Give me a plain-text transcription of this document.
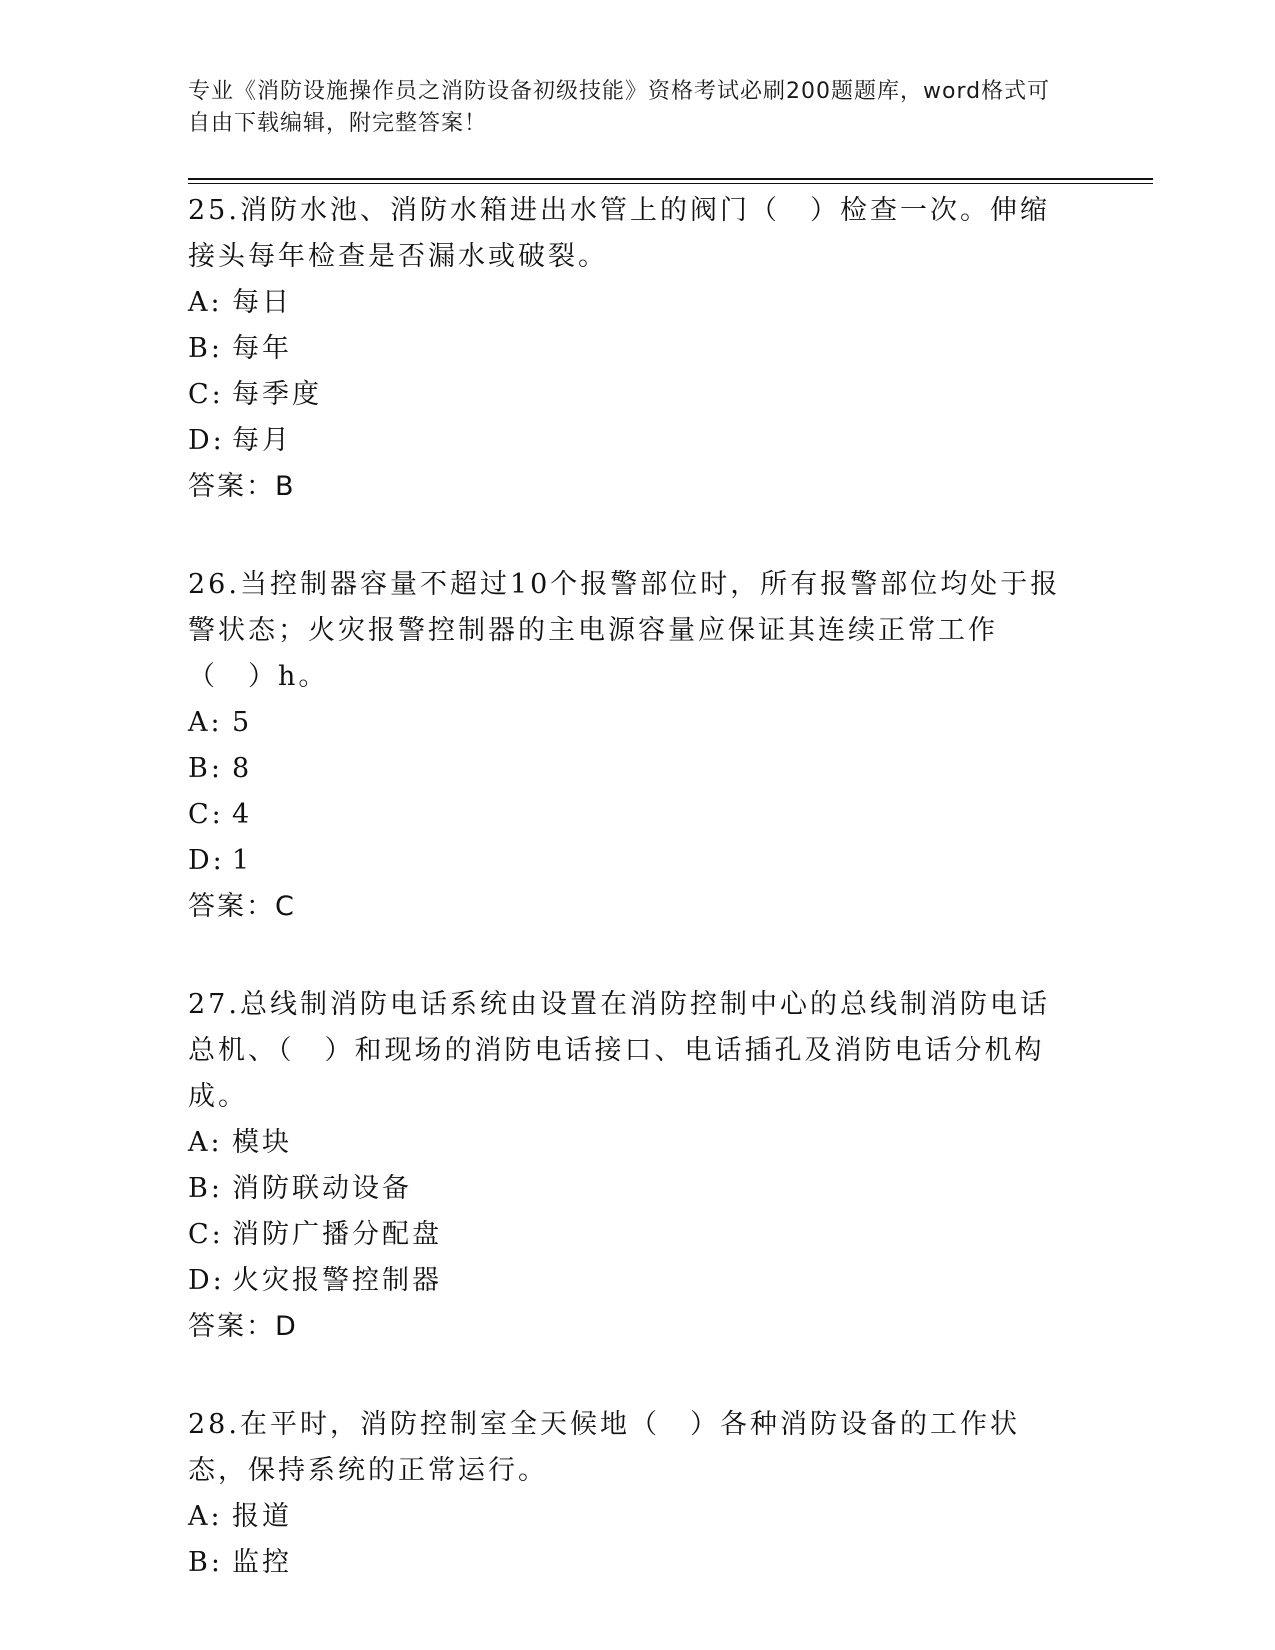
专业《消防设施操作员之消防设备初级技能》资格考试必刷200题题库，word格式可自由下载编辑，附完整答案！

25.消防水池、消防水箱进出水管上的阀门（　）检查一次。伸缩接头每年检查是否漏水或破裂。

A: 每日
B: 每年
C: 每季度
D: 每月
答案：B

26.当控制器容量不超过10个报警部位时，所有报警部位均处于报警状态；火灾报警控制器的主电源容量应保证其连续正常工作（　）h。

A: 5
B: 8
C: 4
D: 1
答案：C

27.总线制消防电话系统由设置在消防控制中心的总线制消防电话总机、（　）和现场的消防电话接口、电话插孔及消防电话分机构成。

A: 模块
B: 消防联动设备
C: 消防广播分配盘
D: 火灾报警控制器
答案：D

28.在平时，消防控制室全天候地（　）各种消防设备的工作状态，保持系统的正常运行。

A: 报道
B: 监控
